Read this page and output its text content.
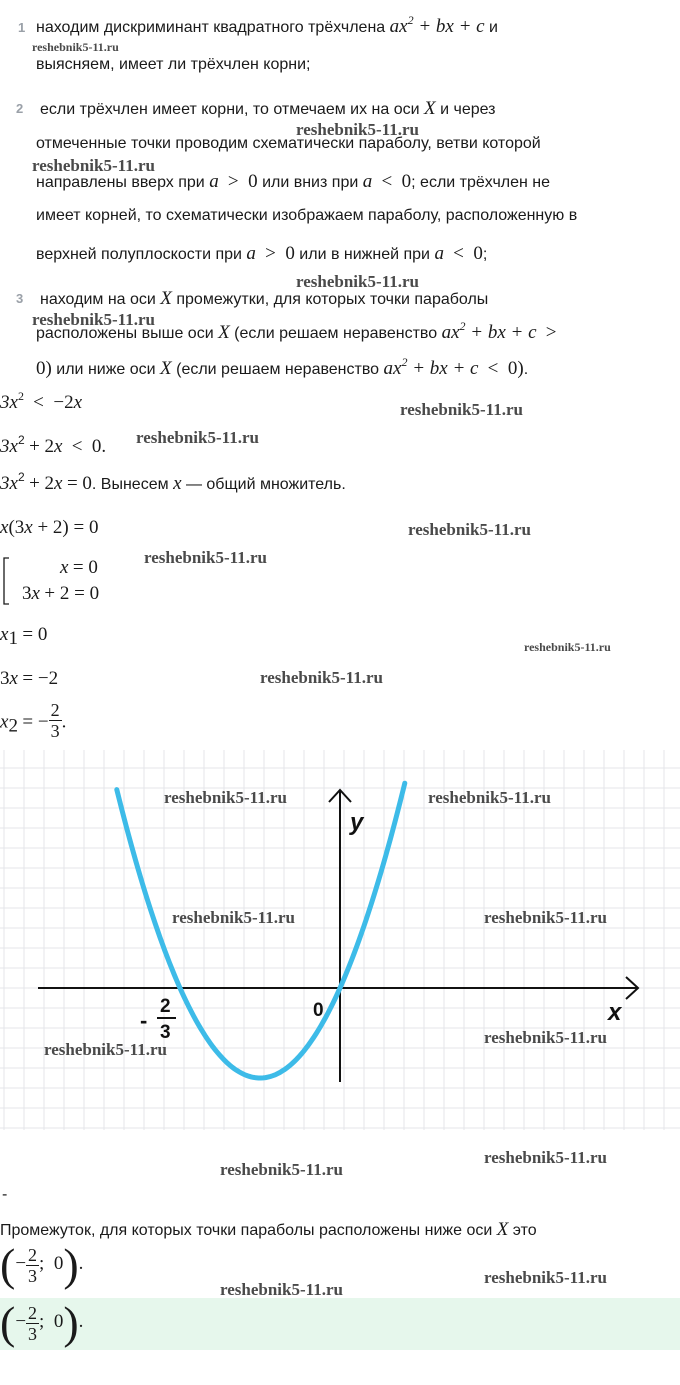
1 находим дискриминант квадратного трёхчлена $ax^2$ + bx + c и
выясняем, имеет ли трёхчлен корни;
2 если трёхчлен имеет корни, то отмечаем их на оси X и через
отмеченные точки проводим схематически параболу, ветви которой
направлены вверх при a  >  0 или вниз при a  <  0; если трёхчлен не
имеет корней, то схематически изображаем параболу, расположенную в
верхней полуплоскости при a  >  0 или в нижней при a  <  0;
3 находим на оси X промежутки, для которых точки параболы
расположены выше оси X (если решаем неравенство $ax^2$ + bx + c  >
0) или ниже оси X (если решаем неравенство $ax^2$ + bx + c  <  0).
$3x^2 < -2x$
$3x^2 + 2x < 0$.
$3x^2 + 2x = 0$. Вынесем x — общий множитель.
x(3x + 2) = 0
x = 0
3x + 2 = 0
$x_1 = 0$
3x = −2
$x_2$ = − $\frac{2}{3}$ .
y
x
0
-
2
3
-
Промежуток, для которых точки параболы расположены ниже оси X это
(− $\frac{2}{3}$ ;  0).
(− $\frac{2}{3}$ ;  0).
reshebnik5-11.ru
reshebnik5-11.ru
reshebnik5-11.ru
reshebnik5-11.ru
reshebnik5-11.ru
reshebnik5-11.ru
reshebnik5-11.ru
reshebnik5-11.ru
reshebnik5-11.ru
reshebnik5-11.ru
reshebnik5-11.ru
reshebnik5-11.ru	reshebnik5-11.ru
reshebnik5-11.ru	reshebnik5-11.ru
reshebnik5-11.ru
reshebnik5-11.ru
reshebnik5-11.ru
reshebnik5-11.ru
reshebnik5-11.ru
reshebnik5-11.ru
